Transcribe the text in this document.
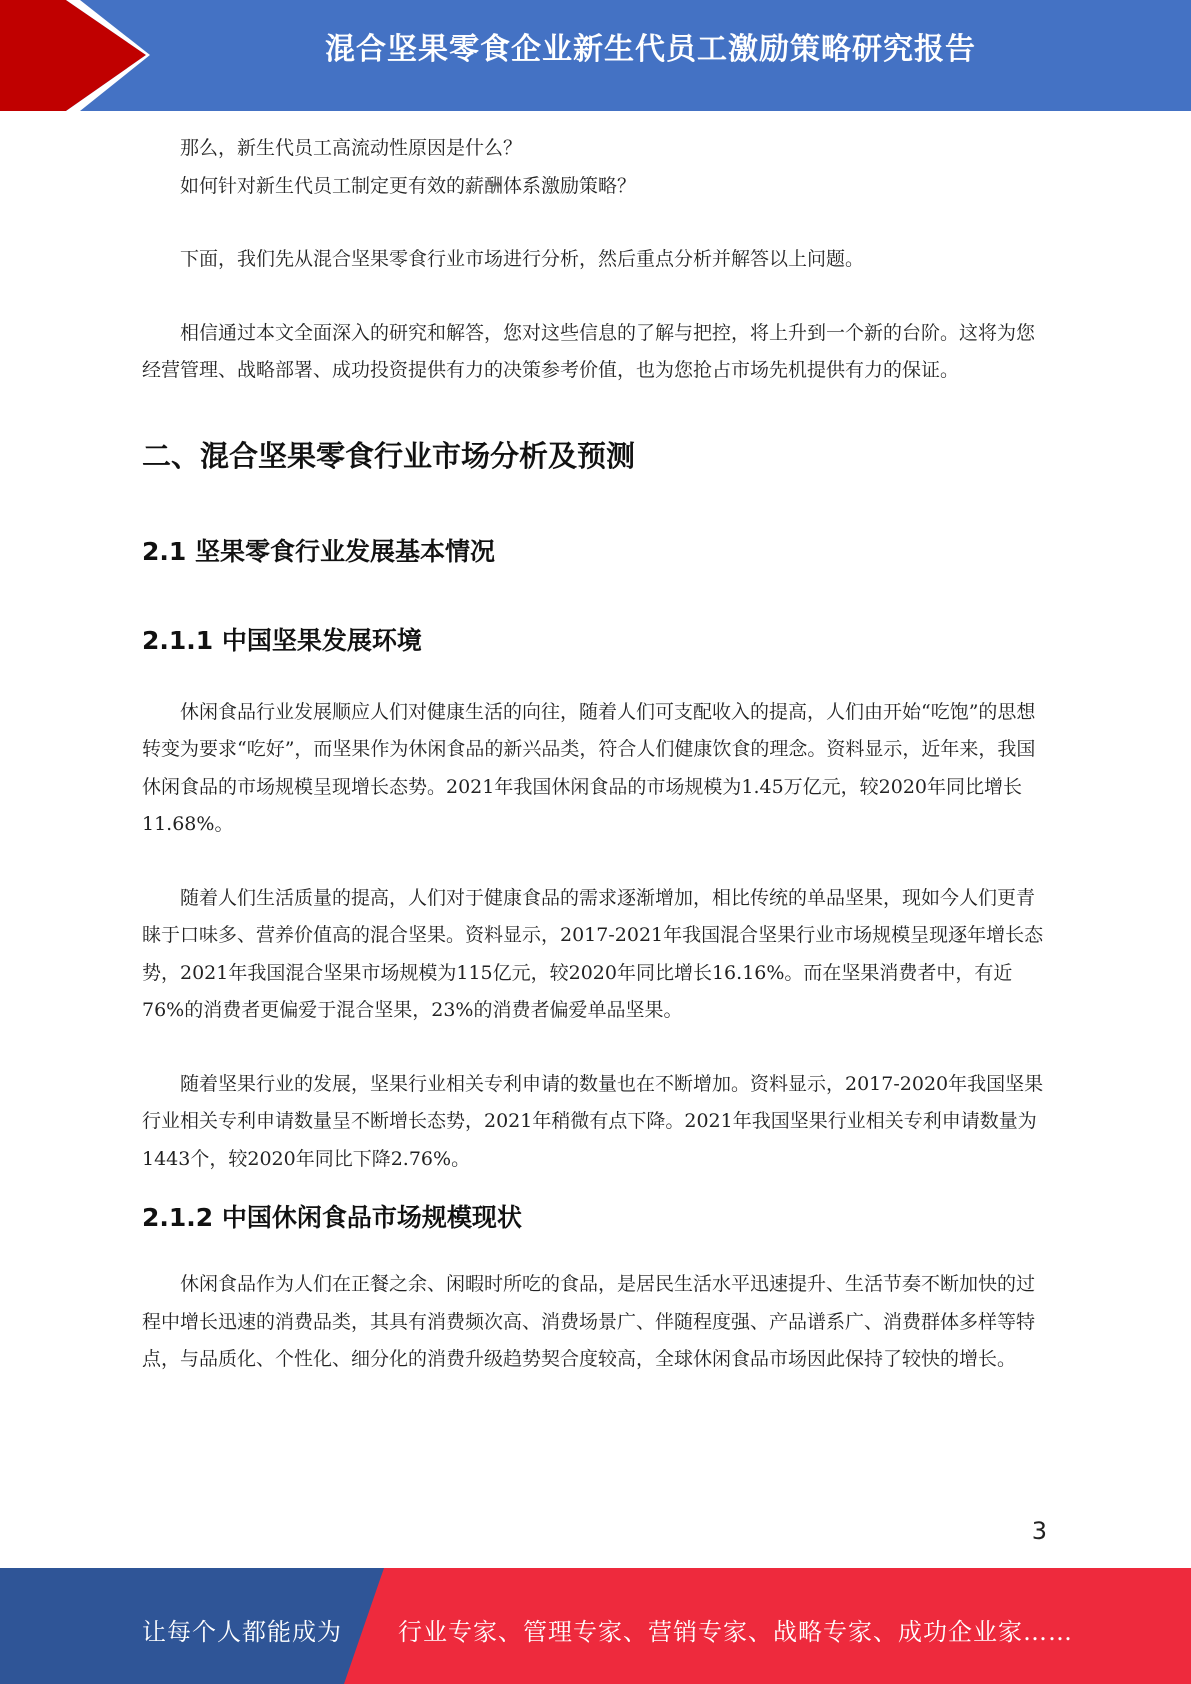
混合坚果零食企业新生代员工激励策略研究报告

那么，新生代员工高流动性原因是什么？

如何针对新生代员工制定更有效的薪酬体系激励策略？

下面，我们先从混合坚果零食行业市场进行分析，然后重点分析并解答以上问题。

相信通过本文全面深入的研究和解答，您对这些信息的了解与把控，将上升到一个新的台阶。这将为您经营管理、战略部署、成功投资提供有力的决策参考价值，也为您抢占市场先机提供有力的保证。

二、混合坚果零食行业市场分析及预测
2.1 坚果零食行业发展基本情况
2.1.1 中国坚果发展环境

休闲食品行业发展顺应人们对健康生活的向往，随着人们可支配收入的提高，人们由开始“吃饱”的思想转变为要求“吃好”，而坚果作为休闲食品的新兴品类，符合人们健康饮食的理念。资料显示，近年来，我国休闲食品的市场规模呈现增长态势。2021年我国休闲食品的市场规模为1.45万亿元，较2020年同比增长11.68%。

随着人们生活质量的提高，人们对于健康食品的需求逐渐增加，相比传统的单品坚果，现如今人们更青睐于口味多、营养价值高的混合坚果。资料显示，2017-2021年我国混合坚果行业市场规模呈现逐年增长态势，2021年我国混合坚果市场规模为115亿元，较2020年同比增长16.16%。而在坚果消费者中，有近76%的消费者更偏爱于混合坚果，23%的消费者偏爱单品坚果。

随着坚果行业的发展，坚果行业相关专利申请的数量也在不断增加。资料显示，2017-2020年我国坚果行业相关专利申请数量呈不断增长态势，2021年稍微有点下降。2021年我国坚果行业相关专利申请数量为1443个，较2020年同比下降2.76%。

2.1.2 中国休闲食品市场规模现状

休闲食品作为人们在正餐之余、闲暇时所吃的食品，是居民生活水平迅速提升、生活节奏不断加快的过程中增长迅速的消费品类，其具有消费频次高、消费场景广、伴随程度强、产品谱系广、消费群体多样等特点，与品质化、个性化、细分化的消费升级趋势契合度较高，全球休闲食品市场因此保持了较快的增长。

3
让每个人都能成为 行业专家、管理专家、营销专家、战略专家、成功企业家……
